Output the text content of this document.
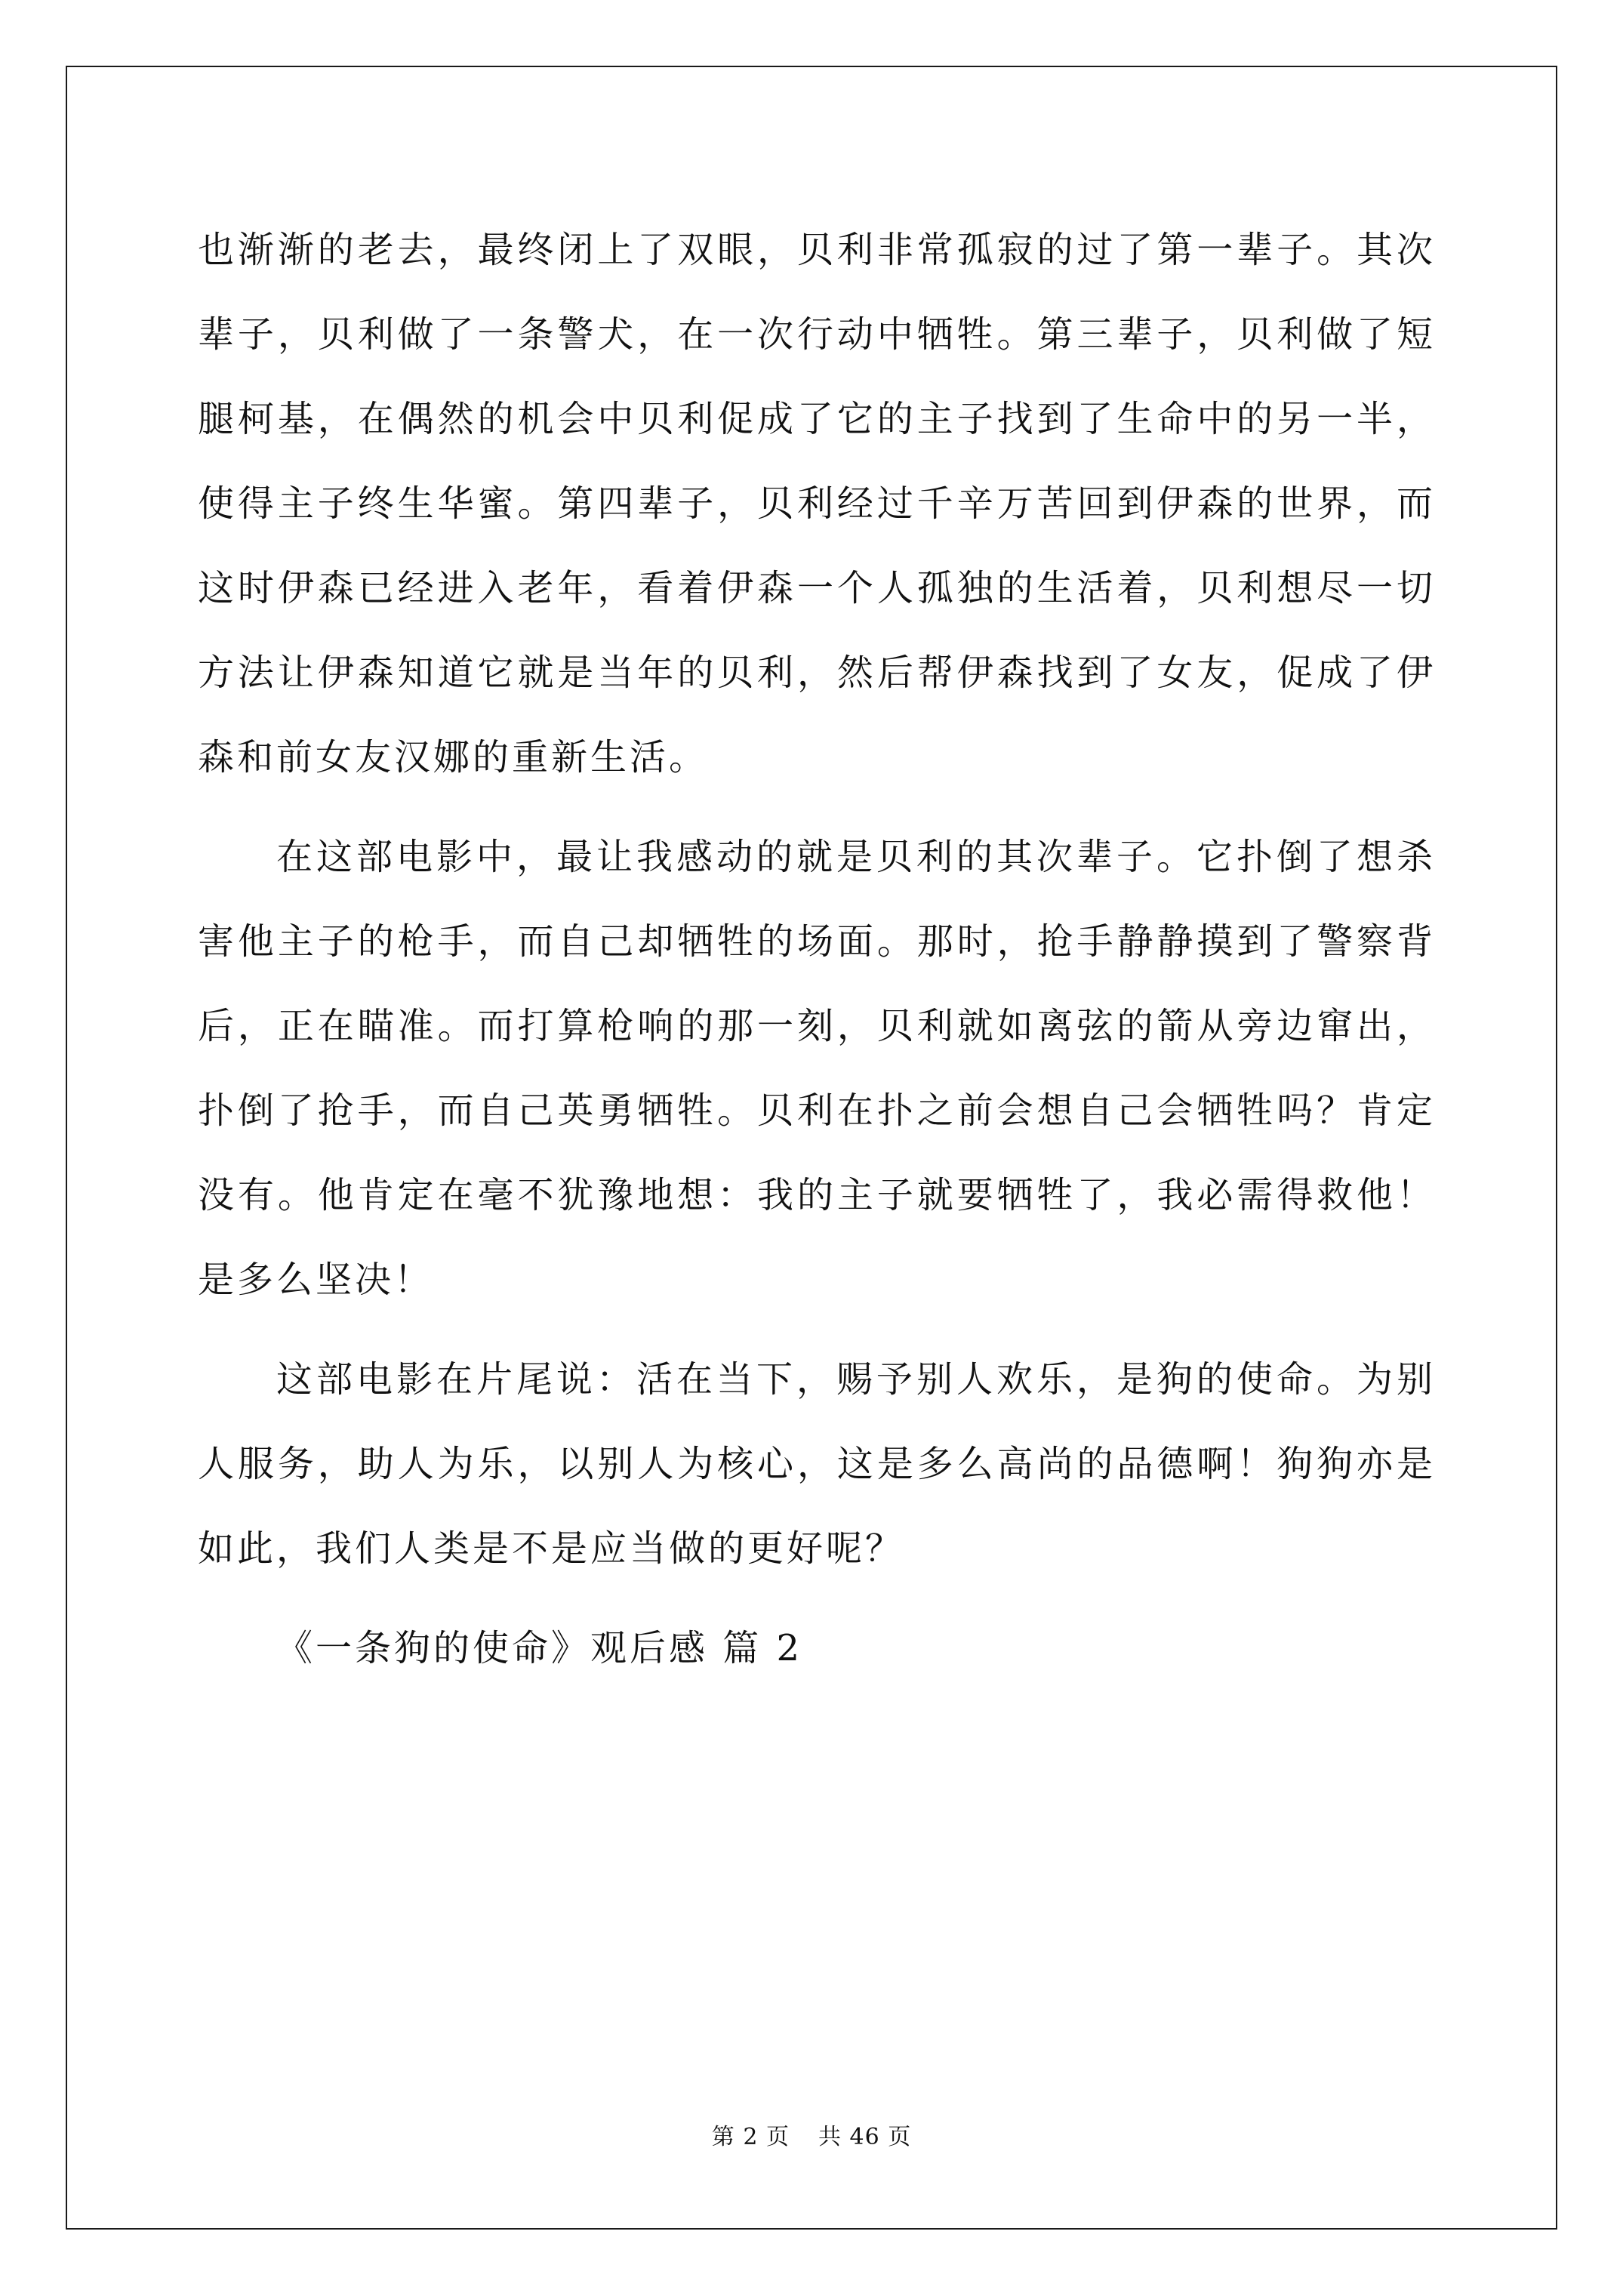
也渐渐的老去，最终闭上了双眼，贝利非常孤寂的过了第一辈子。其次辈子，贝利做了一条警犬，在一次行动中牺牲。第三辈子，贝利做了短腿柯基，在偶然的机会中贝利促成了它的主子找到了生命中的另一半，使得主子终生华蜜。第四辈子，贝利经过千辛万苦回到伊森的世界，而这时伊森已经进入老年，看着伊森一个人孤独的生活着，贝利想尽一切方法让伊森知道它就是当年的贝利，然后帮伊森找到了女友，促成了伊森和前女友汉娜的重新生活。

在这部电影中，最让我感动的就是贝利的其次辈子。它扑倒了想杀害他主子的枪手，而自己却牺牲的场面。那时，抢手静静摸到了警察背后，正在瞄准。而打算枪响的那一刻，贝利就如离弦的箭从旁边窜出，扑倒了抢手，而自己英勇牺牲。贝利在扑之前会想自己会牺牲吗？肯定没有。他肯定在毫不犹豫地想：我的主子就要牺牲了，我必需得救他！是多么坚决！

这部电影在片尾说：活在当下，赐予别人欢乐，是狗的使命。为别人服务，助人为乐，以别人为核心，这是多么高尚的品德啊！狗狗亦是如此，我们人类是不是应当做的更好呢？

《一条狗的使命》观后感 篇 2

第 2 页 共 46 页
